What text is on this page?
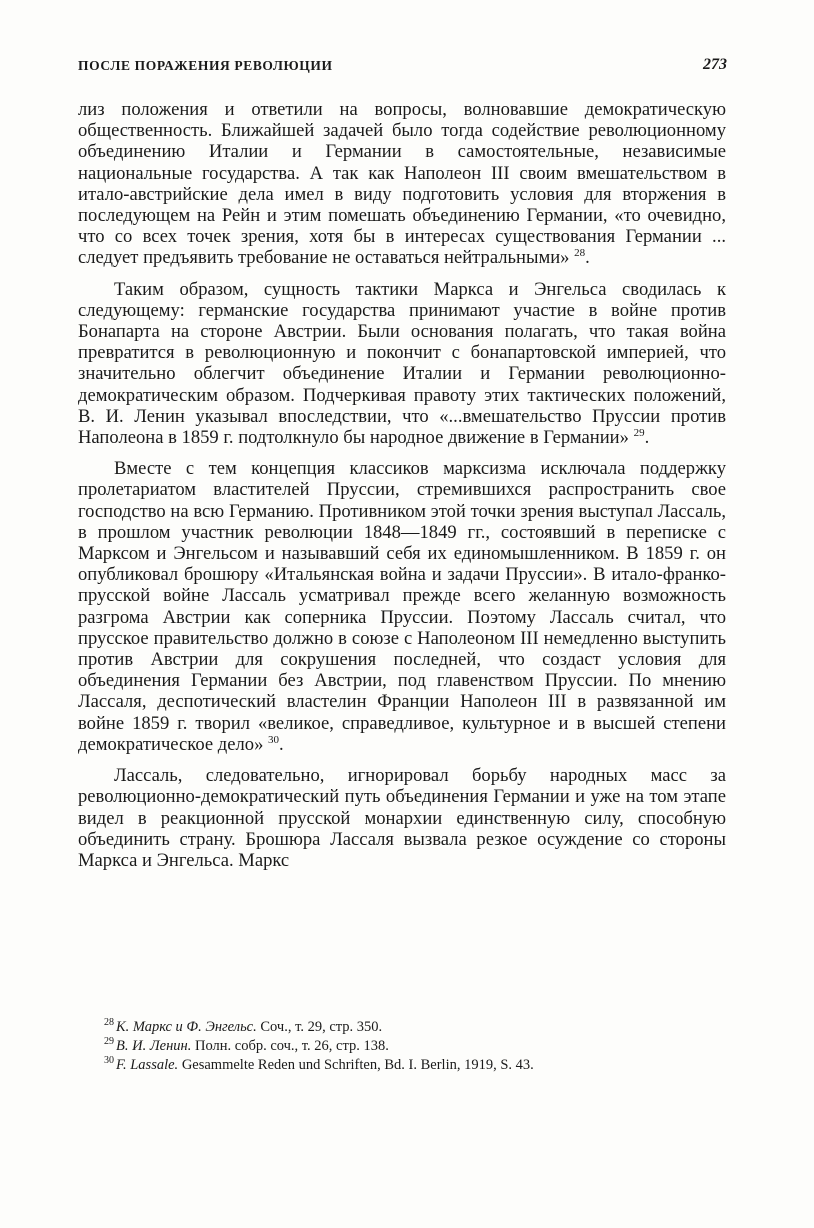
ПОСЛЕ ПОРАЖЕНИЯ РЕВОЛЮЦИИ	273

лиз положения и ответили на вопросы, волновавшие демократическую общественность. Ближайшей задачей было тогда содействие революционному объединению Италии и Германии в самостоятельные, независимые национальные государства. А так как Наполеон III своим вмешательством в итало-австрийские дела имел в виду подготовить условия для вторжения в последующем на Рейн и этим помешать объединению Германии, «то очевидно, что со всех точек зрения, хотя бы в интересах существования Германии ... следует предъявить требование не оставаться нейтральными» $^{28}$.

Таким образом, сущность тактики Маркса и Энгельса сводилась к следующему: германские государства принимают участие в войне против Бонапарта на стороне Австрии. Были основания полагать, что такая война превратится в революционную и покончит с бонапартовской империей, что значительно облегчит объединение Италии и Германии революционно-демократическим образом. Подчеркивая правоту этих тактических положений, В. И. Ленин указывал впоследствии, что «...вмешательство Пруссии против Наполеона в 1859 г. подтолкнуло бы народное движение в Германии» $^{29}$.

Вместе с тем концепция классиков марксизма исключала поддержку пролетариатом властителей Пруссии, стремившихся распространить свое господство на всю Германию. Противником этой точки зрения выступал Лассаль, в прошлом участник революции 1848—1849 гг., состоявший в переписке с Марксом и Энгельсом и называвший себя их единомышленником. В 1859 г. он опубликовал брошюру «Итальянская война и задачи Пруссии». В итало-франко-прусской войне Лассаль усматривал прежде всего желанную возможность разгрома Австрии как соперника Пруссии. Поэтому Лассаль считал, что прусское правительство должно в союзе с Наполеоном III немедленно выступить против Австрии для сокрушения последней, что создаст условия для объединения Германии без Австрии, под главенством Пруссии. По мнению Лассаля, деспотический властелин Франции Наполеон III в развязанной им войне 1859 г. творил «великое, справедливое, культурное и в высшей степени демократическое дело» $^{30}$.

Лассаль, следовательно, игнорировал борьбу народных масс за революционно-демократический путь объединения Германии и уже на том этапе видел в реакционной прусской монархии единственную силу, способную объединить страну. Брошюра Лассаля вызвала резкое осуждение со стороны Маркса и Энгельса. Маркс

$^{28}$ К. Маркс и Ф. Энгельс. Соч., т. 29, стр. 350.

$^{29}$ В. И. Ленин. Полн. собр. соч., т. 26, стр. 138.

$^{30}$ F. Lassale. Gesammelte Reden und Schriften, Bd. I. Berlin, 1919, S. 43.
